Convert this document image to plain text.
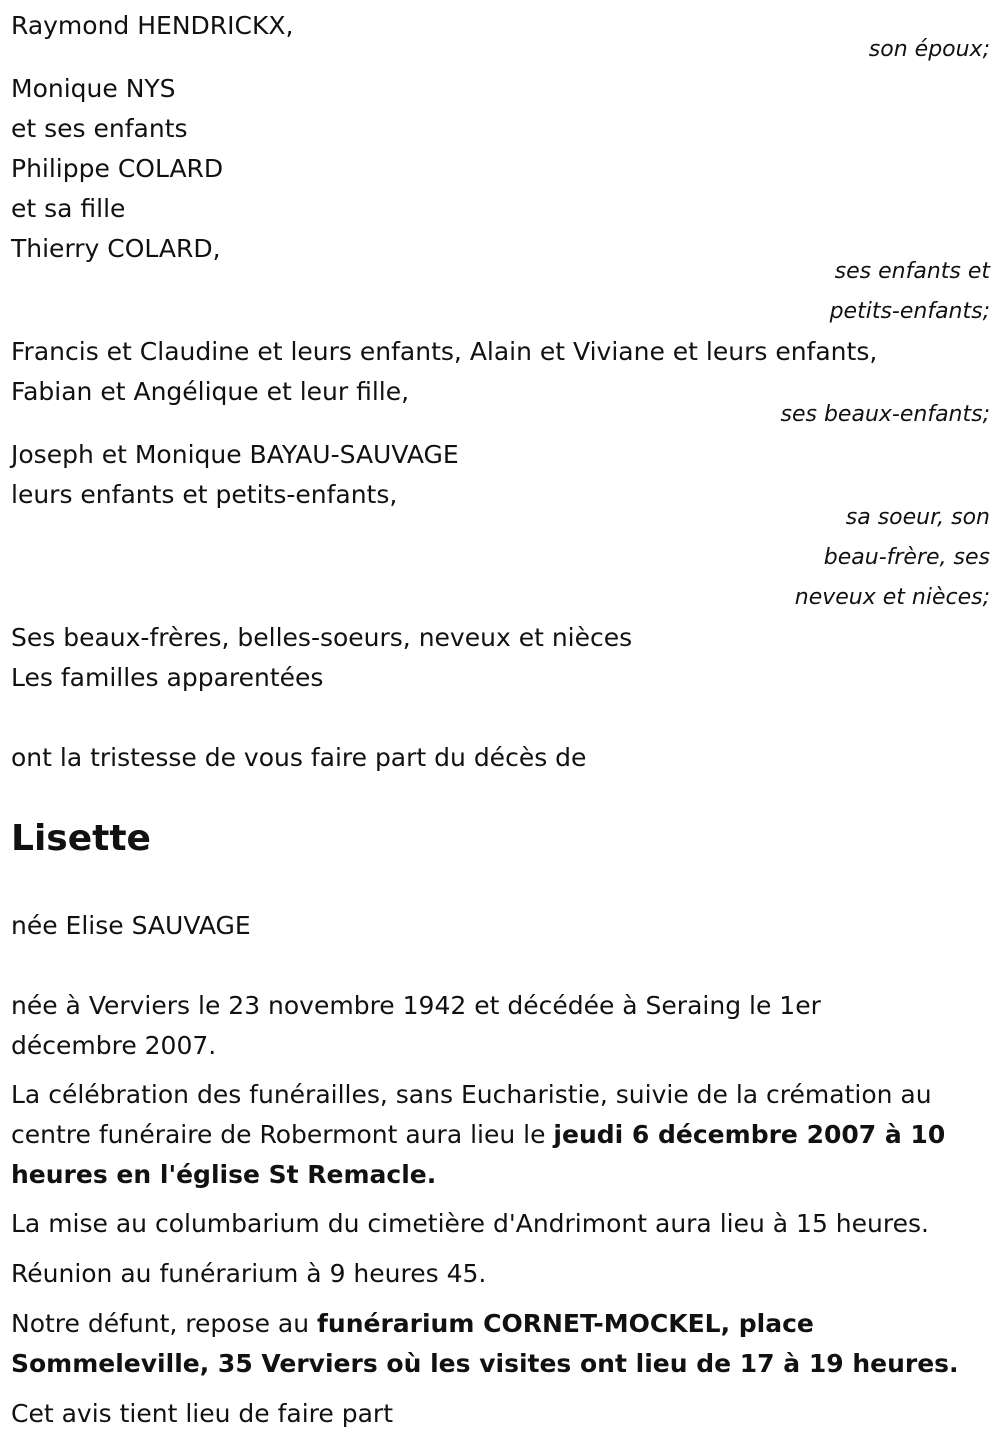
Raymond HENDRICKX,

son époux;

Monique NYS

et ses enfants

Philippe COLARD

et sa fille

Thierry COLARD,

ses enfants et

petits-enfants;

Francis et Claudine et leurs enfants, Alain et Viviane et leurs enfants,

Fabian et Angélique et leur fille,

ses beaux-enfants;

Joseph et Monique BAYAU-SAUVAGE

leurs enfants et petits-enfants,

sa soeur, son

beau-frère, ses

neveux et nièces;

Ses beaux-frères, belles-soeurs, neveux et nièces

Les familles apparentées

ont la tristesse de vous faire part du décès de

Lisette

née Elise SAUVAGE

née à Verviers le 23 novembre 1942 et décédée à Seraing le 1er

décembre 2007.

La célébration des funérailles, sans Eucharistie, suivie de la crémation au

centre funéraire de Robermont aura lieu le jeudi 6 décembre 2007 à 10

heures en l'église St Remacle.

La mise au columbarium du cimetière d'Andrimont aura lieu à 15 heures.

Réunion au funérarium à 9 heures 45.

Notre défunt, repose au funérarium CORNET-MOCKEL, place

Sommeleville, 35 Verviers où les visites ont lieu de 17 à 19 heures.

Cet avis tient lieu de faire part
